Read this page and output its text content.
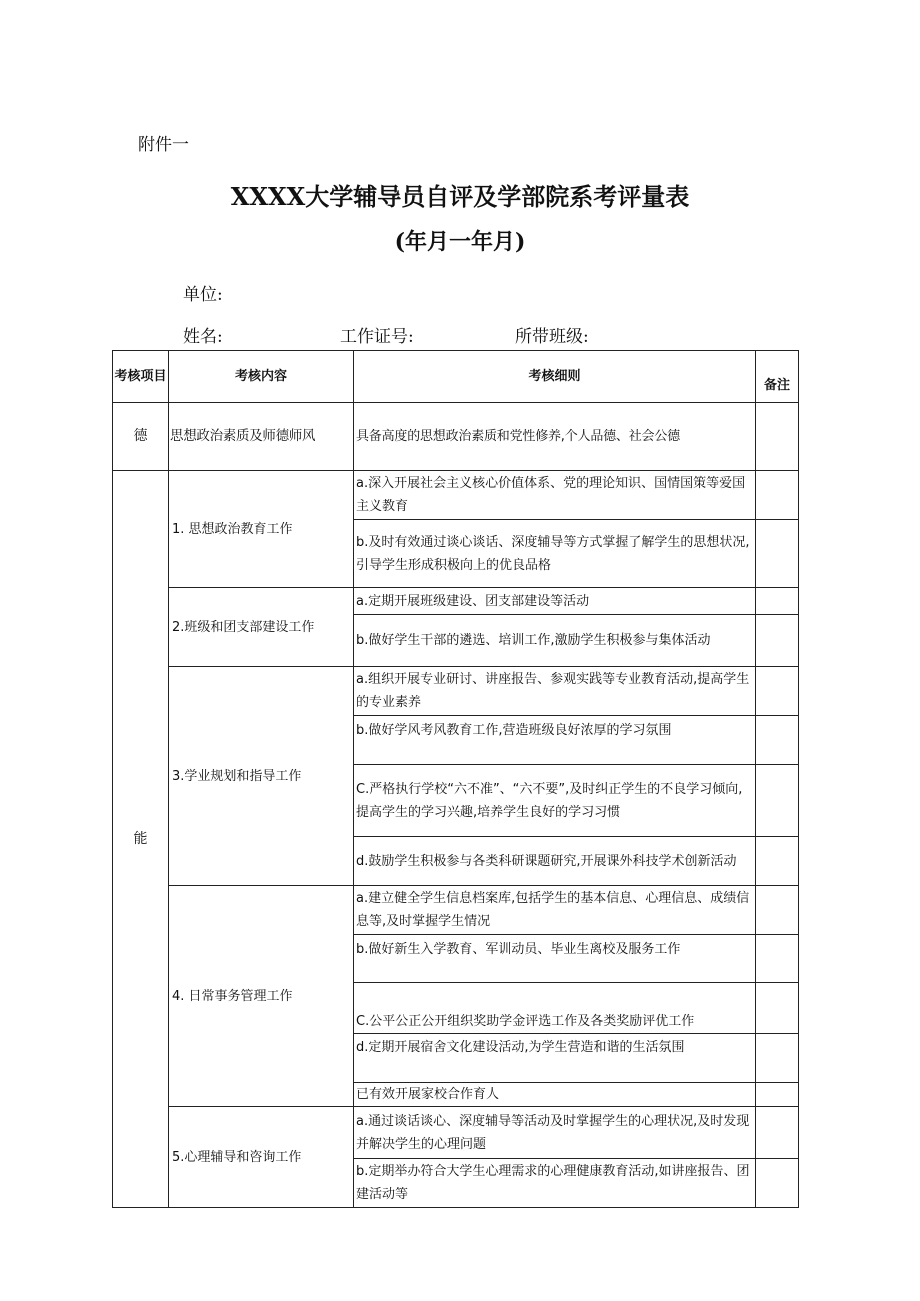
附件一
XXXX大学辅导员自评及学部院系考评量表
(年月一年月)
单位:
姓名:	工作证号:	所带班级:
考核项目	考核内容	考核细则	备注
德	思想政治素质及师德师风	具备高度的思想政治素质和党性修养,个人品德、社会公德	
能	1. 思想政治教育工作	a.深入开展社会主义核心价值体系、党的理论知识、国情国策等爱国主义教育	
		b.及时有效通过谈心谈话、深度辅导等方式掌握了解学生的思想状况,引导学生形成积极向上的优良品格	
	2.班级和团支部建设工作	a.定期开展班级建设、团支部建设等活动	
		b.做好学生干部的遴选、培训工作,激励学生积极参与集体活动	
	3.学业规划和指导工作	a.组织开展专业研讨、讲座报告、参观实践等专业教育活动,提高学生的专业素养	
		b.做好学风考风教育工作,营造班级良好浓厚的学习氛围	
		C.严格执行学校“六不准”、“六不要”,及时纠正学生的不良学习倾向,提高学生的学习兴趣,培养学生良好的学习习惯	
		d.鼓励学生积极参与各类科研课题研究,开展课外科技学术创新活动	
	4. 日常事务管理工作	a.建立健全学生信息档案库,包括学生的基本信息、心理信息、成绩信息等,及时掌握学生情况	
		b.做好新生入学教育、军训动员、毕业生离校及服务工作	
		C.公平公正公开组织奖助学金评选工作及各类奖励评优工作	
		d.定期开展宿舍文化建设活动,为学生营造和谐的生活氛围	
		已有效开展家校合作育人	
	5.心理辅导和咨询工作	a.通过谈话谈心、深度辅导等活动及时掌握学生的心理状况,及时发现并解决学生的心理问题	
		b.定期举办符合大学生心理需求的心理健康教育活动,如讲座报告、团建活动等	
